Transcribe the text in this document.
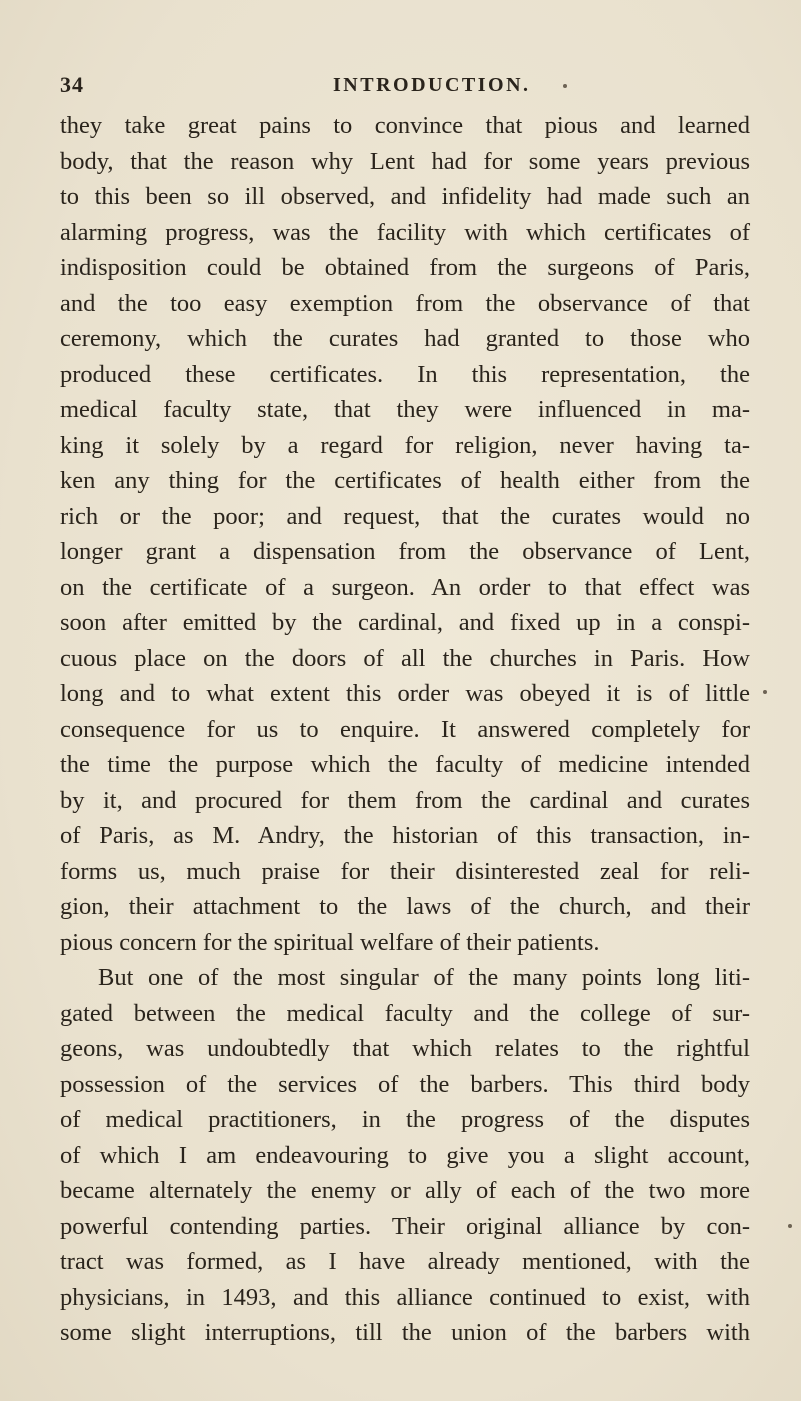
34	INTRODUCTION.
they take great pains to convince that pious and learned
body, that the reason why Lent had for some years previous
to this been so ill observed, and infidelity had made such an
alarming progress, was the facility with which certificates of
indisposition could be obtained from the surgeons of Paris,
and the too easy exemption from the observance of that
ceremony, which the curates had granted to those who
produced these certificates. In this representation, the
medical faculty state, that they were influenced in ma-
king it solely by a regard for religion, never having ta-
ken any thing for the certificates of health either from the
rich or the poor; and request, that the curates would no
longer grant a dispensation from the observance of Lent,
on the certificate of a surgeon. An order to that effect was
soon after emitted by the cardinal, and fixed up in a conspi-
cuous place on the doors of all the churches in Paris. How
long and to what extent this order was obeyed it is of little
consequence for us to enquire. It answered completely for
the time the purpose which the faculty of medicine intended
by it, and procured for them from the cardinal and curates
of Paris, as M. Andry, the historian of this transaction, in-
forms us, much praise for their disinterested zeal for reli-
gion, their attachment to the laws of the church, and their
pious concern for the spiritual welfare of their patients.
But one of the most singular of the many points long liti-
gated between the medical faculty and the college of sur-
geons, was undoubtedly that which relates to the rightful
possession of the services of the barbers. This third body
of medical practitioners, in the progress of the disputes
of which I am endeavouring to give you a slight account,
became alternately the enemy or ally of each of the two more
powerful contending parties. Their original alliance by con-
tract was formed, as I have already mentioned, with the
physicians, in 1493, and this alliance continued to exist, with
some slight interruptions, till the union of the barbers with
